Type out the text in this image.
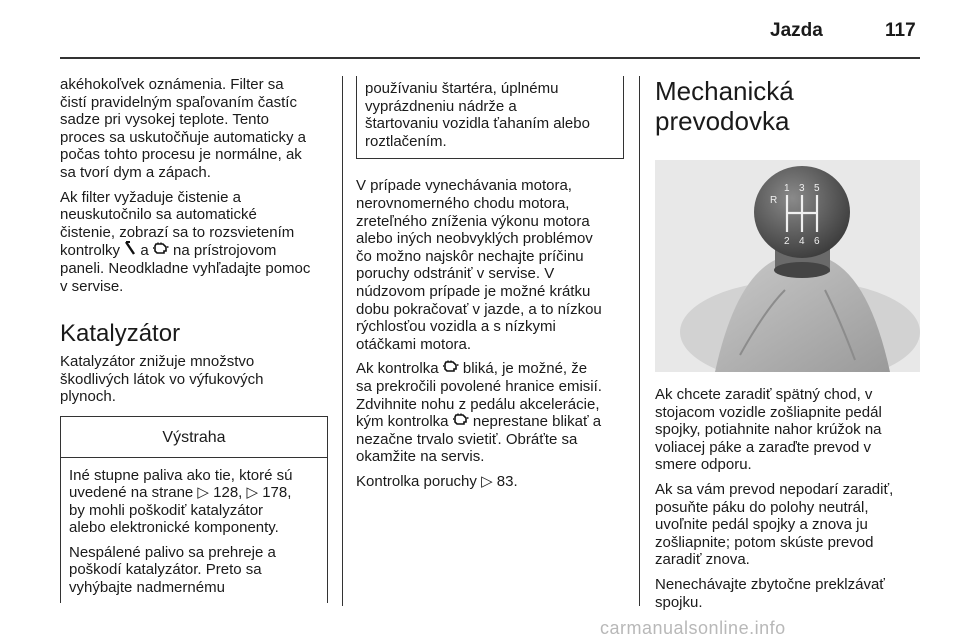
Jazda	117

akéhokoľvek oznámenia. Filter sa
čistí pravidelným spaľovaním častíc
sadze pri vysokej teplote. Tento
proces sa uskutočňuje automaticky a
počas tohto procesu je normálne, ak
sa tvorí dym a zápach.

Ak filter vyžaduje čistenie a
neuskutočnilo sa automatické
čistenie, zobrazí sa to rozsvietením
kontrolky  a  na prístrojovom
paneli. Neodkladne vyhľadajte pomoc
v servise.

Katalyzátor

Katalyzátor znižuje množstvo
škodlivých látok vo výfukových
plynoch.

Výstraha

Iné stupne paliva ako tie, ktoré sú
uvedené na strane ▷ 128, ▷ 178,
by mohli poškodiť katalyzátor
alebo elektronické komponenty.

Nespálené palivo sa prehreje a
poškodí katalyzátor. Preto sa
vyhýbajte nadmernému

používaniu štartéra, úplnému
vyprázdneniu nádrže a
štartovaniu vozidla ťahaním alebo
roztlačením.

V prípade vynechávania motora,
nerovnomerného chodu motora,
zreteľného zníženia výkonu motora
alebo iných neobvyklých problémov
čo možno najskôr nechajte príčinu
poruchy odstrániť v servise. V
núdzovom prípade je možné krátku
dobu pokračovať v jazde, a to nízkou
rýchlosťou vozidla a s nízkymi
otáčkami motora.

Ak kontrolka  bliká, je možné, že
sa prekročili povolené hranice emisií.
Zdvihnite nohu z pedálu akcelerácie,
kým kontrolka  neprestane blikať a
nezačne trvalo svietiť. Obráťte sa
okamžite na servis.

Kontrolka poruchy ▷ 83.

Mechanická
prevodovka
R
1 3 5
2 4 6

Ak chcete zaradiť spätný chod, v
stojacom vozidle zošliapnite pedál
spojky, potiahnite nahor krúžok na
voliacej páke a zaraďte prevod v
smere odporu.

Ak sa vám prevod nepodarí zaradiť,
posuňte páku do polohy neutrál,
uvoľnite pedál spojky a znova ju
zošliapnite; potom skúste prevod
zaradiť znova.

Nenechávajte zbytočne preklzávať
spojku.

carmanualsonline.info
